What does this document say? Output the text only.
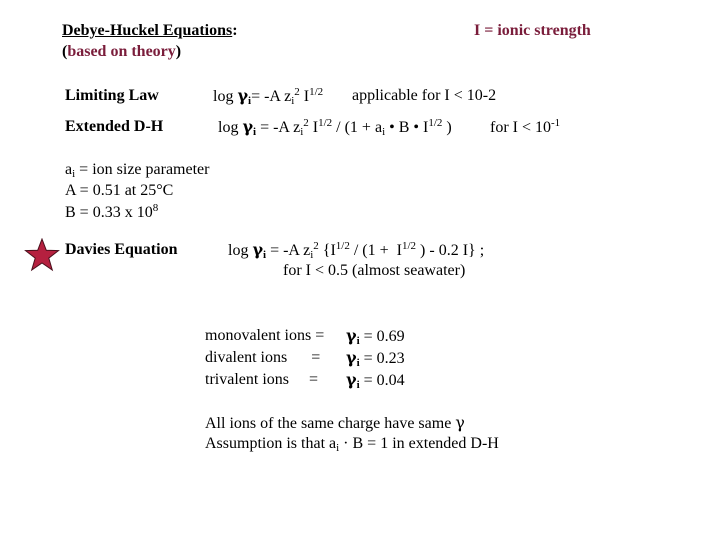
Debye-Huckel Equations:
(based on theory)
I = ionic strength
Limiting Law	$\log \gamma_i= -A$ $z_i^2$ $I^{1/2}$ applicable for I < 10-2
Extended D-H	$\log \gamma_i = -A$ $z_i^2$ $I^{1/2} / (1 + a_i$ • B • $I^{1/2}$ ) for $I < 10^{-1}$
$a_i$ = ion size parameter
A = 0.51 at 25°C
B = 0.33 x $10^8$
Davies Equation	$\log \gamma_i = -A$ $z_i^2$ {$I^{1/2} / (1 + I^{1/2}$ ) - 0.2 I} ;
for I < 0.5 (almost seawater)
monovalent ions = $\gamma_i = 0.69$
divalent ions      = $\gamma_i = 0.23$
trivalent ions     = $\gamma_i = 0.04$
All ions of the same charge have same γ
Assumption is that $a_i \cdot B = 1$ in extended D-H
